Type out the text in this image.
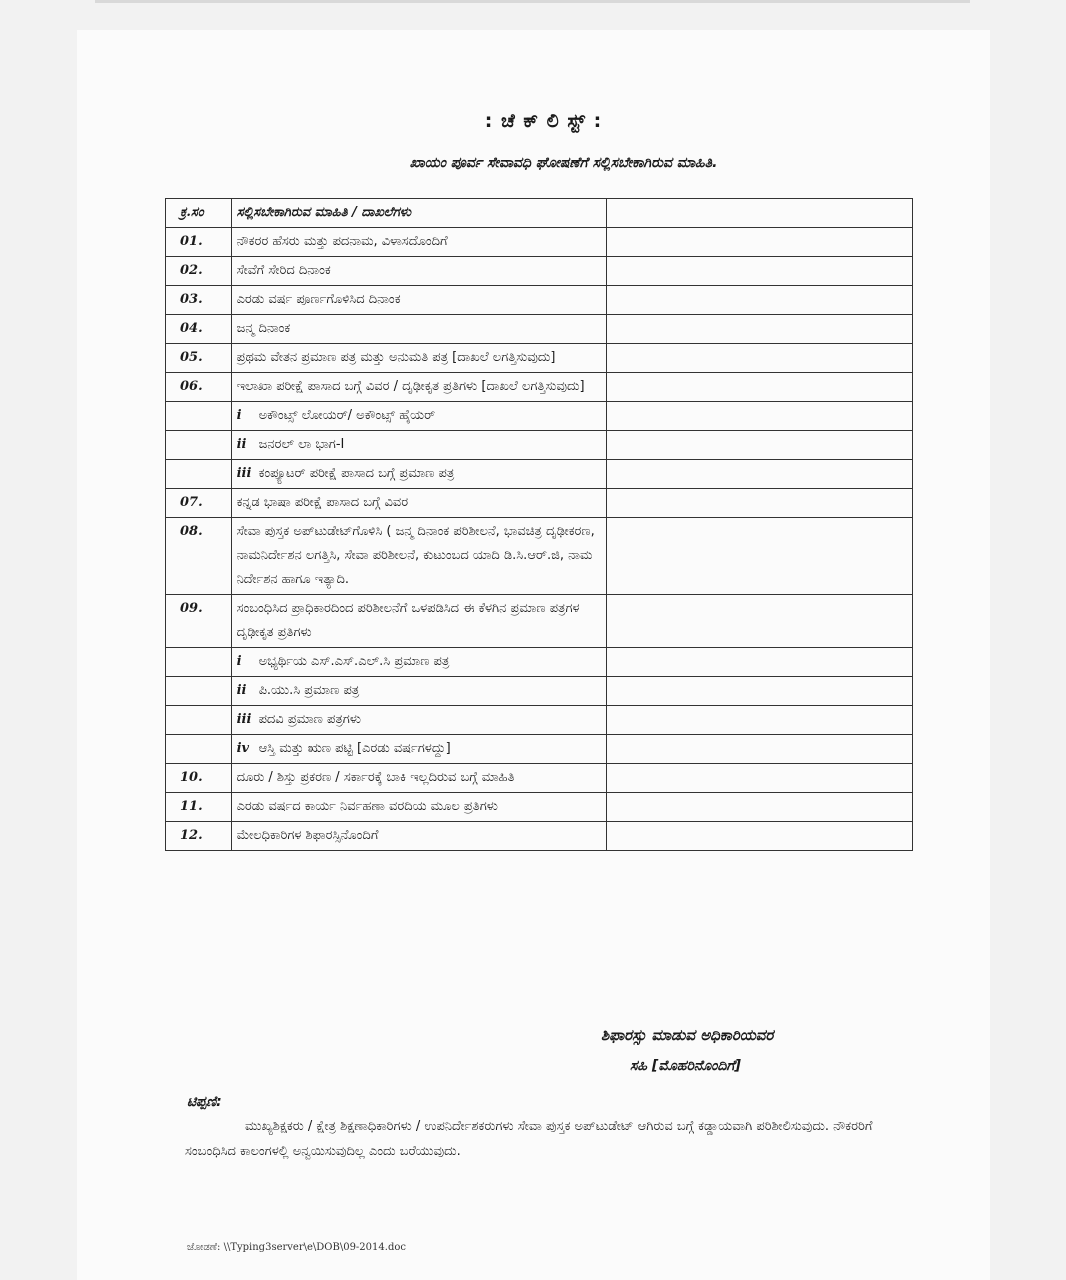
: ಚೆ ಕ್ ಲಿ ಸ್ಟ್ :
ಖಾಯಂ ಪೂರ್ವ ಸೇವಾವಧಿ ಘೋಷಣೆಗೆ ಸಲ್ಲಿಸಬೇಕಾಗಿರುವ ಮಾಹಿತಿ.
ಕ್ರ.ಸಂ	ಸಲ್ಲಿಸಬೇಕಾಗಿರುವ ಮಾಹಿತಿ / ದಾಖಲೆಗಳು	
01.	ನೌಕರರ ಹೆಸರು ಮತ್ತು ಪದನಾಮ, ವಿಳಾಸದೊಂದಿಗೆ	
02.	ಸೇವೆಗೆ ಸೇರಿದ ದಿನಾಂಕ	
03.	ಎರಡು ವರ್ಷ ಪೂರ್ಣಗೊಳಿಸಿದ ದಿನಾಂಕ	
04.	ಜನ್ಮ ದಿನಾಂಕ	
05.	ಪ್ರಥಮ ವೇತನ ಪ್ರಮಾಣ ಪತ್ರ ಮತ್ತು ಅನುಮತಿ ಪತ್ರ [ದಾಖಲೆ ಲಗತ್ತಿಸುವುದು]	
06.	ಇಲಾಖಾ ಪರೀಕ್ಷೆ ಪಾಸಾದ ಬಗ್ಗೆ ವಿವರ / ದೃಢೀಕೃತ ಪ್ರತಿಗಳು [ದಾಖಲೆ ಲಗತ್ತಿಸುವುದು]	
	i ಅಕೌಂಟ್ಸ್ ಲೋಯರ್/ ಅಕೌಂಟ್ಸ್ ಹೈಯರ್	
	ii ಜನರಲ್ ಲಾ ಭಾಗ-I	
	iii ಕಂಪ್ಯೂಟರ್ ಪರೀಕ್ಷೆ ಪಾಸಾದ ಬಗ್ಗೆ ಪ್ರಮಾಣ ಪತ್ರ	
07.	ಕನ್ನಡ ಭಾಷಾ ಪರೀಕ್ಷೆ ಪಾಸಾದ ಬಗ್ಗೆ ವಿವರ	
08.	ಸೇವಾ ಪುಸ್ತಕ ಅಪ್‌ಟುಡೇಟ್‌ಗೊಳಿಸಿ ( ಜನ್ಮ ದಿನಾಂಕ ಪರಿಶೀಲನೆ, ಭಾವಚಿತ್ರ ದೃಢೀಕರಣ, ನಾಮನಿರ್ದೇಶನ ಲಗತ್ತಿಸಿ, ಸೇವಾ ಪರಿಶೀಲನೆ, ಕುಟುಂಬದ ಯಾದಿ ಡಿ.ಸಿ.ಆರ್.ಜಿ, ನಾಮ ನಿರ್ದೇಶನ ಹಾಗೂ ಇತ್ಯಾದಿ.	
09.	ಸಂಬಂಧಿಸಿದ ಪ್ರಾಧಿಕಾರದಿಂದ ಪರಿಶೀಲನೆಗೆ ಒಳಪಡಿಸಿದ ಈ ಕೆಳಗಿನ ಪ್ರಮಾಣ ಪತ್ರಗಳ ದೃಢೀಕೃತ ಪ್ರತಿಗಳು	
	i ಅಭ್ಯರ್ಥಿಯ ಎಸ್.ಎಸ್.ಎಲ್.ಸಿ ಪ್ರಮಾಣ ಪತ್ರ	
	ii ಪಿ.ಯು.ಸಿ ಪ್ರಮಾಣ ಪತ್ರ	
	iii ಪದವಿ ಪ್ರಮಾಣ ಪತ್ರಗಳು	
	iv ಆಸ್ತಿ ಮತ್ತು ಋಣ ಪಟ್ಟಿ [ಎರಡು ವರ್ಷಗಳದ್ದು]	
10.	ದೂರು / ಶಿಸ್ತು ಪ್ರಕರಣ / ಸರ್ಕಾರಕ್ಕೆ ಬಾಕಿ ಇಲ್ಲದಿರುವ ಬಗ್ಗೆ ಮಾಹಿತಿ	
11.	ಎರಡು ವರ್ಷದ ಕಾರ್ಯ ನಿರ್ವಹಣಾ ವರದಿಯ ಮೂಲ ಪ್ರತಿಗಳು	
12.	ಮೇಲಧಿಕಾರಿಗಳ ಶಿಫಾರಸ್ಸಿನೊಂದಿಗೆ	
ಶಿಫಾರಸ್ಸು ಮಾಡುವ ಅಧಿಕಾರಿಯವರ
ಸಹಿ [ಮೊಹರಿನೊಂದಿಗೆ]
ಟಿಪ್ಪಣಿ:
ಮುಖ್ಯಶಿಕ್ಷಕರು / ಕ್ಷೇತ್ರ ಶಿಕ್ಷಣಾಧಿಕಾರಿಗಳು / ಉಪನಿರ್ದೇಶಕರುಗಳು ಸೇವಾ ಪುಸ್ತಕ ಅಪ್‌ಟುಡೇಟ್ ಆಗಿರುವ ಬಗ್ಗೆ ಕಡ್ಡಾಯವಾಗಿ ಪರಿಶೀಲಿಸುವುದು. ನೌಕರರಿಗೆ ಸಂಬಂಧಿಸಿದ ಕಾಲಂಗಳಲ್ಲಿ ಅನ್ವಯಿಸುವುದಿಲ್ಲ ಎಂದು ಬರೆಯುವುದು.
ಜೋಡಣೆ: \\Typing3server\e\DOB\09-2014.doc
